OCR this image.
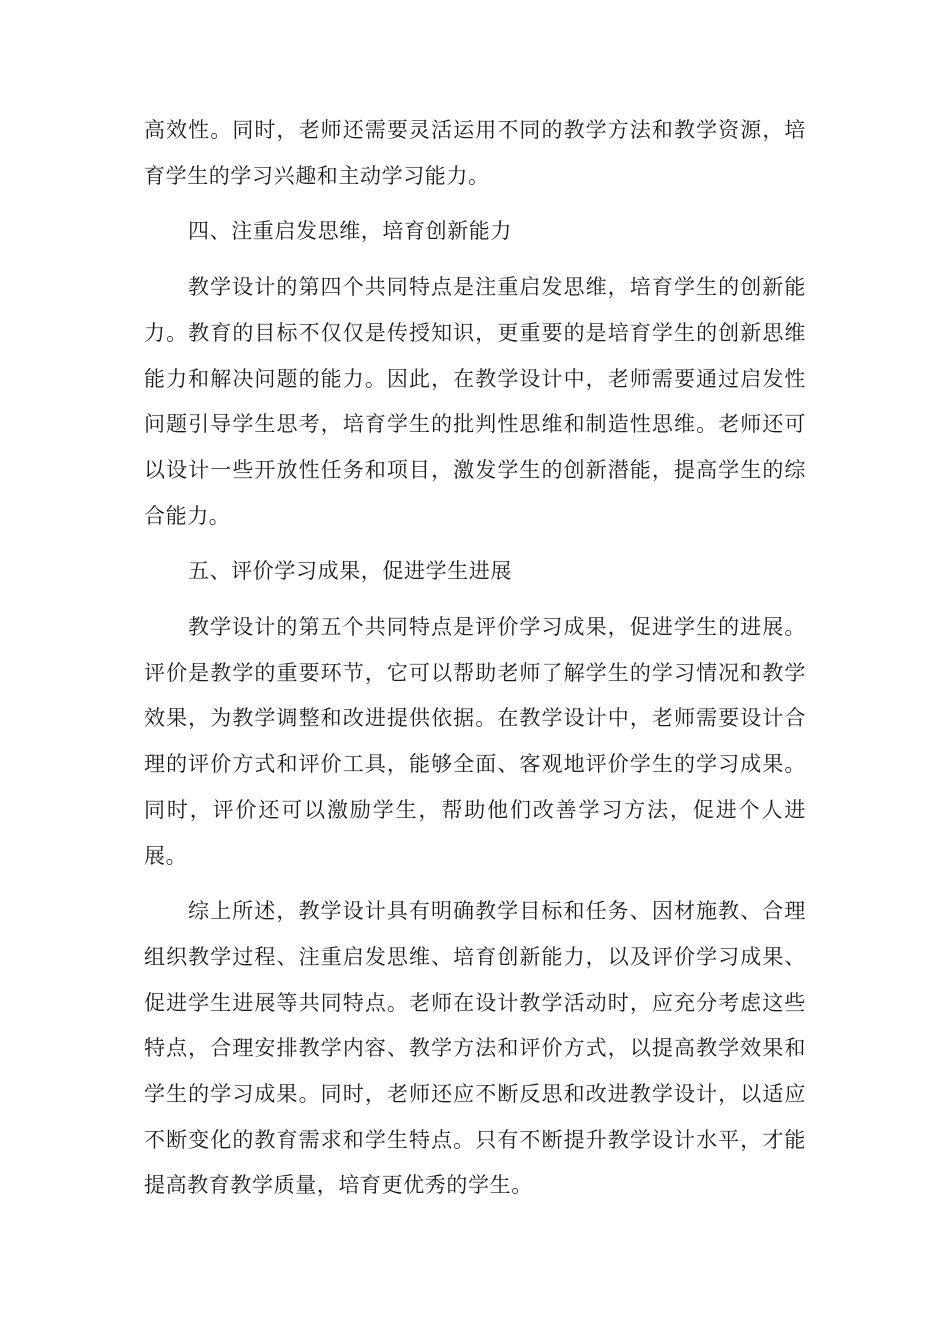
高效性。同时，老师还需要灵活运用不同的教学方法和教学资源，培育学生的学习兴趣和主动学习能力。

四、注重启发思维，培育创新能力

教学设计的第四个共同特点是注重启发思维，培育学生的创新能力。教育的目标不仅仅是传授知识，更重要的是培育学生的创新思维能力和解决问题的能力。因此，在教学设计中，老师需要通过启发性问题引导学生思考，培育学生的批判性思维和制造性思维。老师还可以设计一些开放性任务和项目，激发学生的创新潜能，提高学生的综合能力。

五、评价学习成果，促进学生进展

教学设计的第五个共同特点是评价学习成果，促进学生的进展。评价是教学的重要环节，它可以帮助老师了解学生的学习情况和教学效果，为教学调整和改进提供依据。在教学设计中，老师需要设计合理的评价方式和评价工具，能够全面、客观地评价学生的学习成果。同时，评价还可以激励学生，帮助他们改善学习方法，促进个人进展。

综上所述，教学设计具有明确教学目标和任务、因材施教、合理组织教学过程、注重启发思维、培育创新能力，以及评价学习成果、促进学生进展等共同特点。老师在设计教学活动时，应充分考虑这些特点，合理安排教学内容、教学方法和评价方式，以提高教学效果和学生的学习成果。同时，老师还应不断反思和改进教学设计，以适应不断变化的教育需求和学生特点。只有不断提升教学设计水平，才能提高教育教学质量，培育更优秀的学生。
